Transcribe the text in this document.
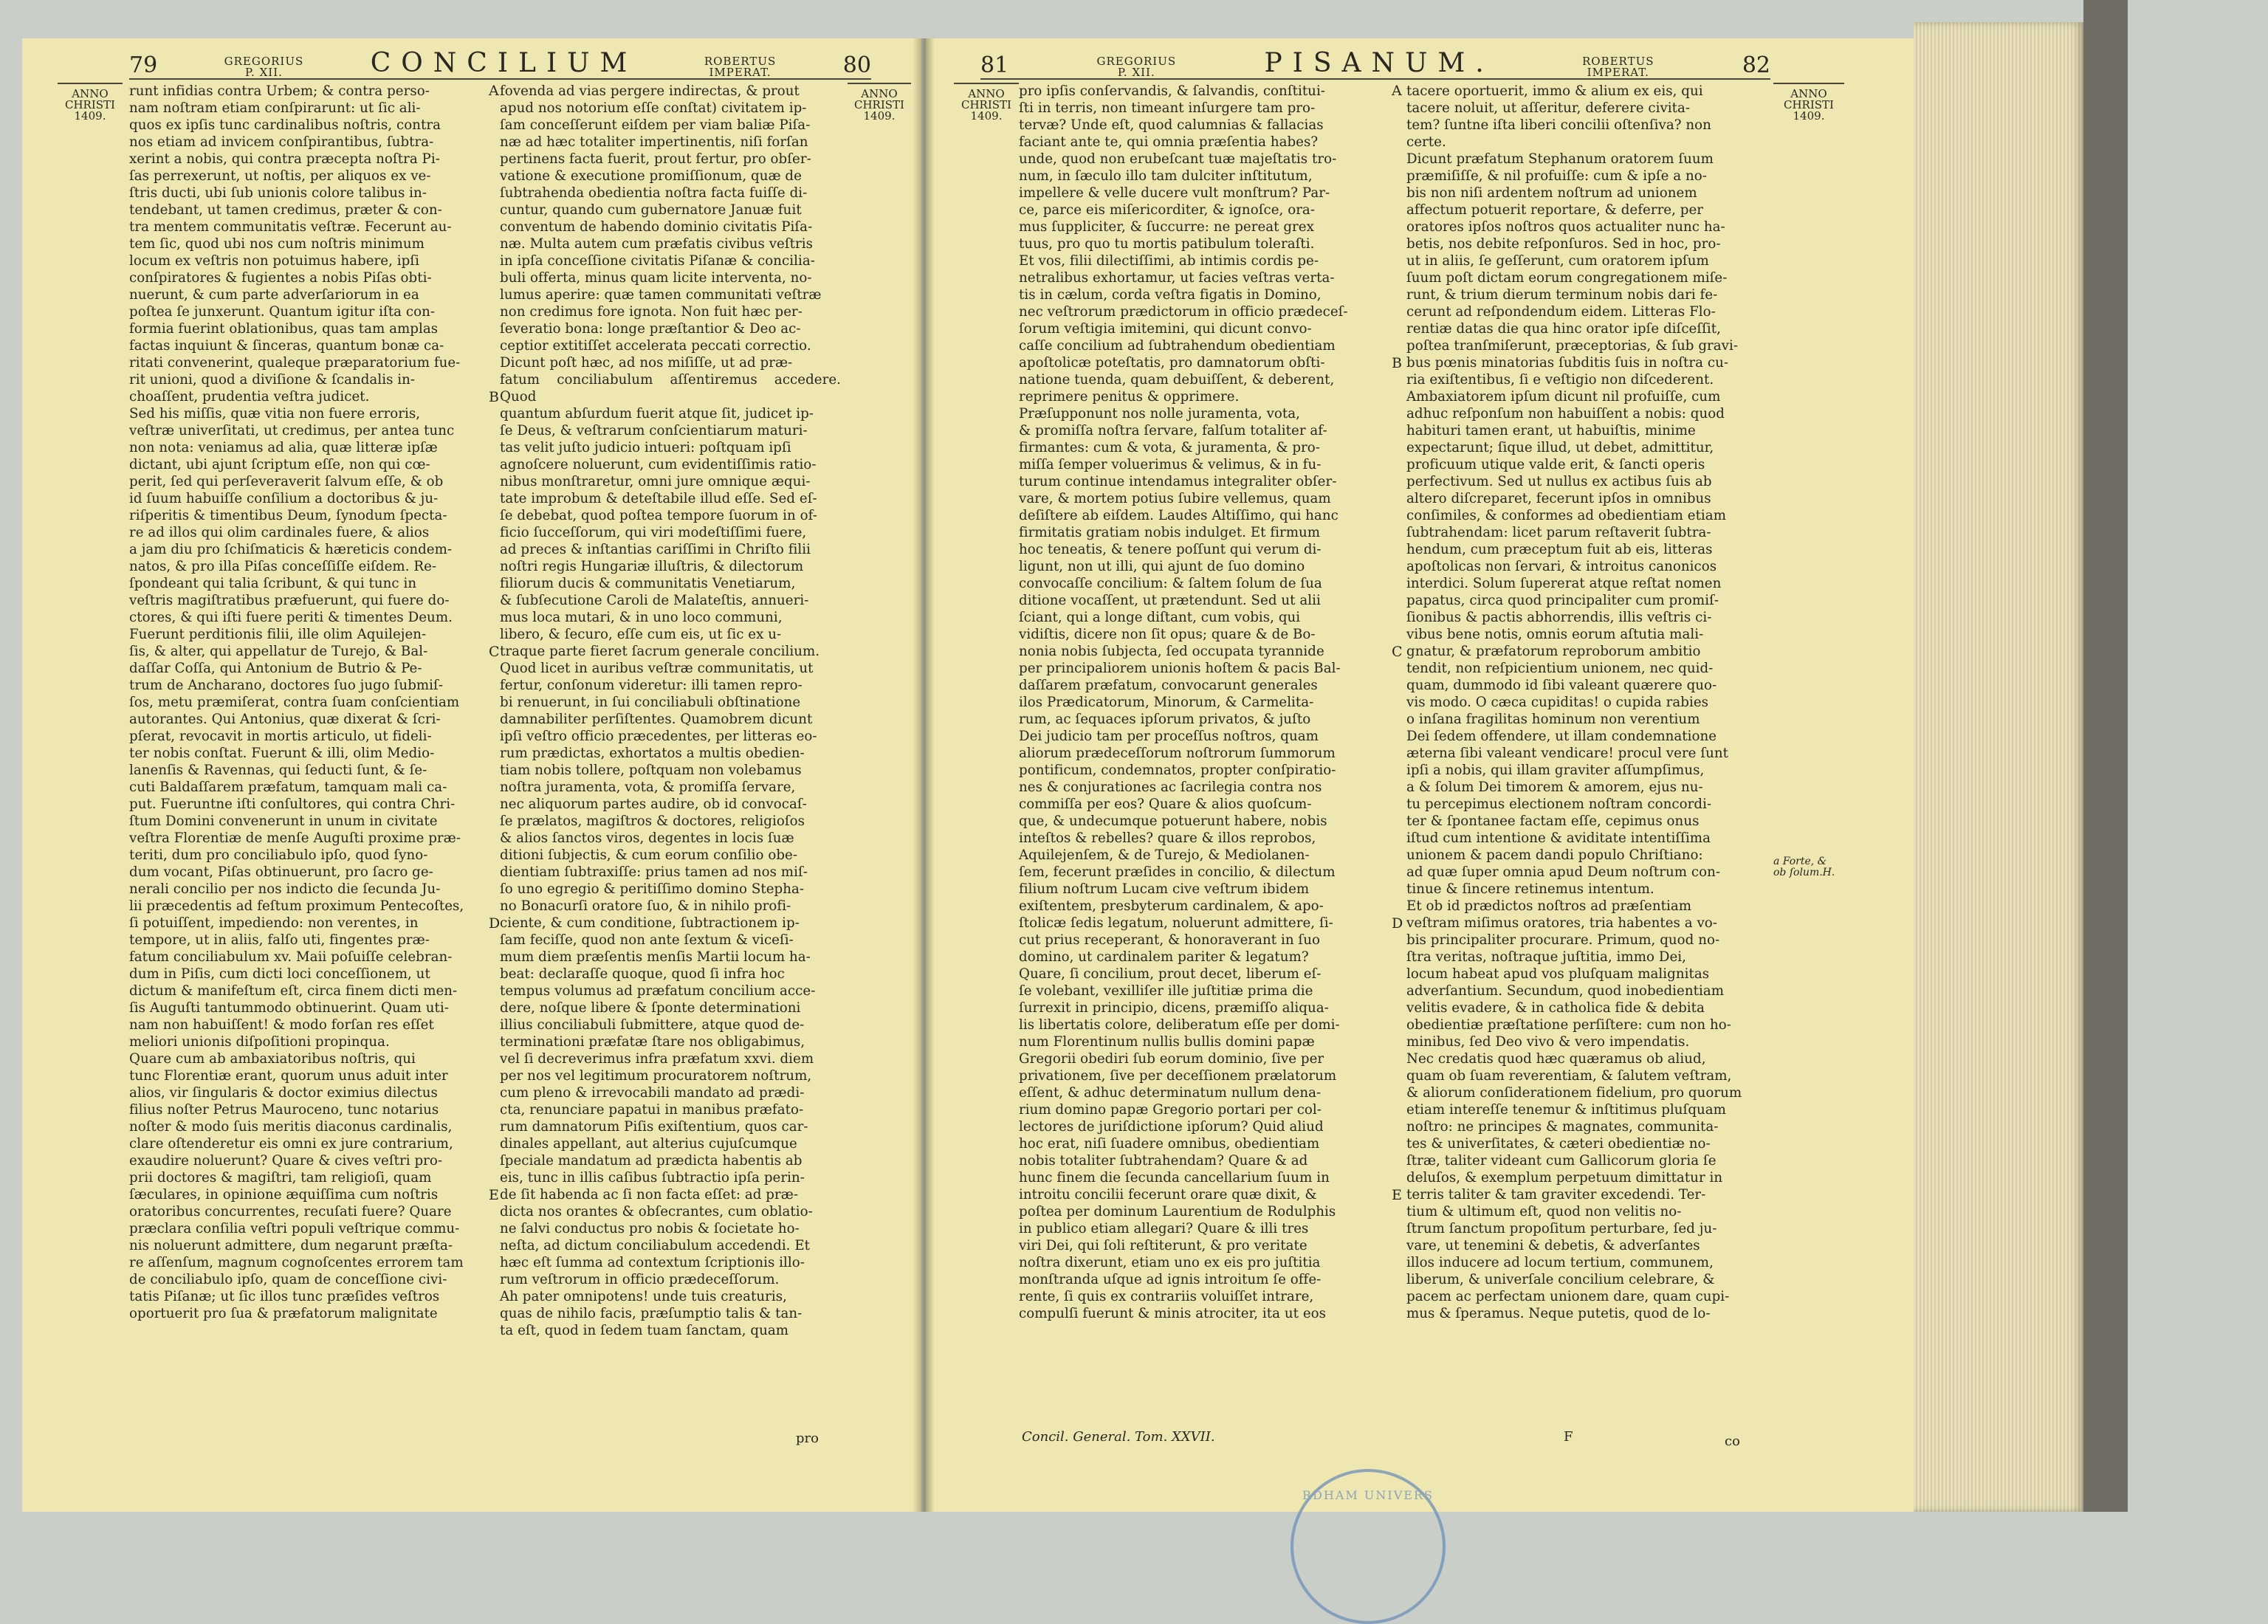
79	GREGORIUS
P. XII.	CONCILIUM	ROBERTUS
IMPERAT.	80
ANNO
CHRISTI
1409.
ANNO
CHRISTI
1409.
runt infidias contra Urbem; & contra perso-
nam noſtram etiam conſpirarunt: ut ſic ali-
quos ex ipſis tunc cardinalibus noſtris, contra
nos etiam ad invicem conſpirantibus, ſubtra-
xerint a nobis, qui contra præcepta noſtra Pi-
ſas perrexerunt, ut noſtis, per aliquos ex ve-
ſtris ducti, ubi ſub unionis colore talibus in-
tendebant, ut tamen credimus, præter & con-
tra mentem communitatis veſtræ. Fecerunt au-
tem ſic, quod ubi nos cum noſtris minimum
locum ex veſtris non potuimus habere, ipſi
conſpiratores & fugientes a nobis Piſas obti-
nuerunt, & cum parte adverſariorum in ea
poſtea ſe junxerunt. Quantum igitur iſta con-
formia fuerint oblationibus, quas tam amplas
factas inquiunt & ſinceras, quantum bonæ ca-
ritati convenerint, qualeque præparatorium fue-
rit unioni, quod a diviſione & ſcandalis in-
choaſſent, prudentia veſtra judicet.
Sed his miſſis, quæ vitia non fuere erroris,
veſtræ univerſitati, ut credimus, per antea tunc
non nota: veniamus ad alia, quæ litteræ ipſæ
dictant, ubi ajunt ſcriptum eſſe, non qui cœ-
perit, ſed qui perſeveraverit ſalvum eſſe, & ob
id ſuum habuiſſe conſilium a doctoribus & ju-
riſperitis & timentibus Deum, ſynodum ſpecta-
re ad illos qui olim cardinales fuere, & alios
a jam diu pro ſchiſmaticis & hæreticis condem-
natos, & pro illa Piſas conceſſiſſe eiſdem. Re-
ſpondeant qui talia ſcribunt, & qui tunc in
veſtris magiſtratibus præfuerunt, qui fuere do-
ctores, & qui iſti fuere periti & timentes Deum.
Fuerunt perditionis filii, ille olim Aquilejen-
ſis, & alter, qui appellatur de Turejo, & Bal-
daſſar Coſſa, qui Antonium de Butrio & Pe-
trum de Ancharano, doctores ſuo jugo ſubmiſ-
ſos, metu præmiſerat, contra ſuam conſcientiam
autorantes. Qui Antonius, quæ dixerat & ſcri-
pſerat, revocavit in mortis articulo, ut fideli-
ter nobis conſtat. Fuerunt & illi, olim Medio-
lanenſis & Ravennas, qui ſeducti ſunt, & ſe-
cuti Baldaſſarem præfatum, tamquam mali ca-
put. Fueruntne iſti conſultores, qui contra Chri-
ſtum Domini convenerunt in unum in civitate
veſtra Florentiæ de menſe Auguſti proxime præ-
teriti, dum pro conciliabulo ipſo, quod ſyno-
dum vocant, Piſas obtinuerunt, pro ſacro ge-
nerali concilio per nos indicto die ſecunda Ju-
lii præcedentis ad feſtum proximum Pentecoſtes,
ſi potuiſſent, impediendo: non verentes, in
tempore, ut in aliis, falſo uti, fingentes præ-
fatum conciliabulum xv. Maii poſuiſſe celebran-
dum in Piſis, cum dicti loci conceſſionem, ut
dictum & manifeſtum eſt, circa finem dicti men-
ſis Auguſti tantummodo obtinuerint. Quam uti-
nam non habuiſſent! & modo forſan res eſſet
meliori unionis diſpoſitioni propinqua.
Quare cum ab ambaxiatoribus noſtris, qui
tunc Florentiæ erant, quorum unus aduit inter
alios, vir ſingularis & doctor eximius dilectus
filius noſter Petrus Mauroceno, tunc notarius
noſter & modo ſuis meritis diaconus cardinalis,
clare oſtenderetur eis omni ex jure contrarium,
exaudire noluerunt? Quare & cives veſtri pro-
prii doctores & magiſtri, tam religioſi, quam
ſæculares, in opinione æquiſſima cum noſtris
oratoribus concurrentes, recuſati fuere? Quare
præclara conſilia veſtri populi veſtrique commu-
nis noluerunt admittere, dum negarunt præſta-
re aſſenſum, magnum cognoſcentes errorem tam
de conciliabulo ipſo, quam de conceſſione civi-
tatis Piſanæ; ut ſic illos tunc præſides veſtros
oportuerit pro ſua & præfatorum malignitate
fovenda ad vias pergere indirectas, & prout
apud nos notorium eſſe conſtat) civitatem ip-
ſam conceſſerunt eiſdem per viam baliæ Piſa-
næ ad hæc totaliter impertinentis, niſi forſan
pertinens facta fuerit, prout fertur, pro obſer-
vatione & executione promiſſionum, quæ de
ſubtrahenda obedientia noſtra facta fuiſſe di-
cuntur, quando cum gubernatore Januæ fuit
conventum de habendo dominio civitatis Piſa-
næ. Multa autem cum præfatis civibus veſtris
in ipſa conceſſione civitatis Piſanæ & concilia-
buli offerta, minus quam licite interventa, no-
lumus aperire: quæ tamen communitati veſtræ
non credimus fore ignota. Non fuit hæc per-
ſeveratio bona: longe præſtantior & Deo ac-
ceptior extitiſſet accelerata peccati correctio.
Dicunt poſt hæc, ad nos miſiſſe, ut ad præ-
fatum conciliabulum aſſentiremus accedere. Quod
quantum abſurdum fuerit atque ſit, judicet ip-
ſe Deus, & veſtrarum conſcientiarum maturi-
tas velit juſto judicio intueri: poſtquam ipſi
agnoſcere noluerunt, cum evidentiſſimis ratio-
nibus monſtraretur, omni jure omnique æqui-
tate improbum & deteſtabile illud eſſe. Sed eſ-
ſe debebat, quod poſtea tempore ſuorum in of-
ficio ſucceſſorum, qui viri modeſtiſſimi fuere,
ad preces & inſtantias cariſſimi in Chriſto filii
noſtri regis Hungariæ illuſtris, & dilectorum
filiorum ducis & communitatis Venetiarum,
& ſubſecutione Caroli de Malateſtis, annueri-
mus loca mutari, & in uno loco communi,
libero, & ſecuro, eſſe cum eis, ut ſic ex u-
traque parte fieret ſacrum generale concilium.
Quod licet in auribus veſtræ communitatis, ut
fertur, conſonum videretur: illi tamen repro-
bi renuerunt, in ſui conciliabuli obſtinatione
damnabiliter perſiſtentes. Quamobrem dicunt
ipſi veſtro officio præcedentes, per litteras eo-
rum prædictas, exhortatos a multis obedien-
tiam nobis tollere, poſtquam non volebamus
noſtra juramenta, vota, & promiſſa ſervare,
nec aliquorum partes audire, ob id convocaſ-
ſe prælatos, magiſtros & doctores, religioſos
& alios ſanctos viros, degentes in locis ſuæ
ditioni ſubjectis, & cum eorum conſilio obe-
dientiam ſubtraxiſſe: prius tamen ad nos miſ-
ſo uno egregio & peritiſſimo domino Stepha-
no Bonacurſi oratore ſuo, & in nihilo profi-
ciente, & cum conditione, ſubtractionem ip-
ſam feciſſe, quod non ante ſextum & viceſi-
mum diem præſentis menſis Martii locum ha-
beat: declaraſſe quoque, quod ſi infra hoc
tempus volumus ad præfatum concilium acce-
dere, noſque libere & ſponte determinationi
illius conciliabuli ſubmittere, atque quod de-
terminationi præfatæ ſtare nos obligabimus,
vel ſi decreverimus infra præfatum xxvi. diem
per nos vel legitimum procuratorem noſtrum,
cum pleno & irrevocabili mandato ad prædi-
cta, renunciare papatui in manibus præfato-
rum damnatorum Piſis exiſtentium, quos car-
dinales appellant, aut alterius cujuſcumque
ſpeciale mandatum ad prædicta habentis ab
eis, tunc in illis caſibus ſubtractio ipſa perin-
de ſit habenda ac ſi non facta eſſet: ad præ-
dicta nos orantes & obſecrantes, cum oblatio-
ne ſalvi conductus pro nobis & ſocietate ho-
neſta, ad dictum conciliabulum accedendi. Et
hæc eſt ſumma ad contextum ſcriptionis illo-
rum veſtrorum in officio prædeceſſorum.
Ah pater omnipotens! unde tuis creaturis,
quas de nihilo facis, præſumptio talis & tan-
ta eſt, quod in ſedem tuam ſanctam, quam
A
B
C
D
E
pro
81	GREGORIUS
P. XII.	PISANUM.	ROBERTUS
IMPERAT.	82
ANNO
CHRISTI
1409.
ANNO
CHRISTI
1409.
pro ipſis conſervandis, & ſalvandis, conſtitui-
ſti in terris, non timeant inſurgere tam pro-
tervæ? Unde eſt, quod calumnias & fallacias
faciant ante te, qui omnia præſentia habes?
unde, quod non erubeſcant tuæ majeſtatis tro-
num, in ſæculo illo tam dulciter inſtitutum,
impellere & velle ducere vult monſtrum? Par-
ce, parce eis miſericorditer, & ignoſce, ora-
mus ſuppliciter, & ſuccurre: ne pereat grex
tuus, pro quo tu mortis patibulum toleraſti.
Et vos, filii dilectiſſimi, ab intimis cordis pe-
netralibus exhortamur, ut facies veſtras verta-
tis in cælum, corda veſtra figatis in Domino,
nec veſtrorum prædictorum in officio prædeceſ-
ſorum veſtigia imitemini, qui dicunt convo-
caſſe concilium ad ſubtrahendum obedientiam
apoſtolicæ poteſtatis, pro damnatorum obſti-
natione tuenda, quam debuiſſent, & deberent,
reprimere penitus & opprimere.
Præſupponunt nos nolle juramenta, vota,
& promiſſa noſtra ſervare, falſum totaliter af-
firmantes: cum & vota, & juramenta, & pro-
miſſa ſemper voluerimus & velimus, & in fu-
turum continue intendamus integraliter obſer-
vare, & mortem potius ſubire vellemus, quam
deſiſtere ab eiſdem. Laudes Altiſſimo, qui hanc
firmitatis gratiam nobis indulget. Et firmum
hoc teneatis, & tenere poſſunt qui verum di-
ligunt, non ut illi, qui ajunt de ſuo domino
convocaſſe concilium: & ſaltem ſolum de ſua
ditione vocaſſent, ut prætendunt. Sed ut alii
ſciant, qui a longe diſtant, cum vobis, qui
vidiſtis, dicere non ſit opus; quare & de Bo-
nonia nobis ſubjecta, ſed occupata tyrannide
per principaliorem unionis hoſtem & pacis Bal-
daſſarem præfatum, convocarunt generales
ilos Prædicatorum, Minorum, & Carmelita-
rum, ac ſequaces ipſorum privatos, & juſto
Dei judicio tam per proceſſus noſtros, quam
aliorum prædeceſſorum noſtrorum ſummorum
pontificum, condemnatos, propter conſpiratio-
nes & conjurationes ac ſacrilegia contra nos
commiſſa per eos? Quare & alios quoſcum-
que, & undecumque potuerunt habere, nobis
inteſtos & rebelles? quare & illos reprobos,
Aquilejenſem, & de Turejo, & Mediolanen-
ſem, fecerunt præſides in concilio, & dilectum
filium noſtrum Lucam cive veſtrum ibidem
exiſtentem, presbyterum cardinalem, & apo-
ſtolicæ ſedis legatum, noluerunt admittere, ſi-
cut prius receperant, & honoraverant in ſuo
domino, ut cardinalem pariter & legatum?
Quare, ſi concilium, prout decet, liberum eſ-
ſe volebant, vexilliſer ille juſtitiæ prima die
ſurrexit in principio, dicens, præmiſſo aliqua-
lis libertatis colore, deliberatum eſſe per domi-
num Florentinum nullis bullis domini papæ
Gregorii obediri ſub eorum dominio, ſive per
privationem, ſive per deceſſionem prælatorum
eſſent, & adhuc determinatum nullum dena-
rium domino papæ Gregorio portari per col-
lectores de juriſdictione ipſorum? Quid aliud
hoc erat, niſi ſuadere omnibus, obedientiam
nobis totaliter ſubtrahendam? Quare & ad
hunc finem die ſecunda cancellarium ſuum in
introitu concilii fecerunt orare quæ dixit, &
poſtea per dominum Laurentium de Rodulphis
in publico etiam allegari? Quare & illi tres
viri Dei, qui ſoli reſtiterunt, & pro veritate
noſtra dixerunt, etiam uno ex eis pro juſtitia
monſtranda uſque ad ignis introitum ſe offe-
rente, ſi quis ex contrariis voluiſſet intrare,
compulſi fuerunt & minis atrociter, ita ut eos
tacere oportuerit, immo & alium ex eis, qui
tacere noluit, ut aſſeritur, deferere civita-
tem? ſuntne iſta liberi concilii oſtenſiva? non
certe.
Dicunt præfatum Stephanum oratorem ſuum
præmiſiſſe, & nil profuiſſe: cum & ipſe a no-
bis non niſi ardentem noſtrum ad unionem
affectum potuerit reportare, & deferre, per
oratores ipſos noſtros quos actualiter nunc ha-
betis, nos debite reſponſuros. Sed in hoc, pro-
ut in aliis, ſe geſſerunt, cum oratorem ipſum
ſuum poſt dictam eorum congregationem miſe-
runt, & trium dierum terminum nobis dari fe-
cerunt ad reſpondendum eidem. Litteras Flo-
rentiæ datas die qua hinc orator ipſe diſceſſit,
poſtea tranſmiſerunt, præceptorias, & ſub gravi-
bus pœnis minatorias ſubditis ſuis in noſtra cu-
ria exiſtentibus, ſi e veſtigio non diſcederent.
Ambaxiatorem ipſum dicunt nil profuiſſe, cum
adhuc reſponſum non habuiſſent a nobis: quod
habituri tamen erant, ut habuiſtis, minime
expectarunt; ſique illud, ut debet, admittitur,
proficuum utique valde erit, & ſancti operis
perfectivum. Sed ut nullus ex actibus ſuis ab
altero diſcreparet, fecerunt ipſos in omnibus
conſimiles, & conformes ad obedientiam etiam
ſubtrahendam: licet parum reſtaverit ſubtra-
hendum, cum præceptum fuit ab eis, litteras
apoſtolicas non ſervari, & introitus canonicos
interdici. Solum ſupererat atque reſtat nomen
papatus, circa quod principaliter cum promiſ-
ſionibus & pactis abhorrendis, illis veſtris ci-
vibus bene notis, omnis eorum aſtutia mali-
gnatur, & præfatorum reproborum ambitio
tendit, non reſpicientium unionem, nec quid-
quam, dummodo id ſibi valeant quærere quo-
vis modo. O cæca cupiditas! o cupida rabies
o inſana fragilitas hominum non verentium
Dei ſedem offendere, ut illam condemnatione
æterna ſibi valeant vendicare! procul vere ſunt
ipſi a nobis, qui illam graviter aſſumpſimus,
a & ſolum Dei timorem & amorem, ejus nu-
tu percepimus electionem noſtram concordi-
ter & ſpontanee factam eſſe, cepimus onus
iſtud cum intentione & aviditate intentiſſima
unionem & pacem dandi populo Chriſtiano:
ad quæ ſuper omnia apud Deum noſtrum con-
tinue & ſincere retinemus intentum.
Et ob id prædictos noſtros ad præſentiam
veſtram miſimus oratores, tria habentes a vo-
bis principaliter procurare. Primum, quod no-
ſtra veritas, noſtraque juſtitia, immo Dei,
locum habeat apud vos pluſquam malignitas
adverſantium. Secundum, quod inobedientiam
velitis evadere, & in catholica fide & debita
obedientiæ præſtatione perſiſtere: cum non ho-
minibus, ſed Deo vivo & vero impendatis.
Nec credatis quod hæc quæramus ob aliud,
quam ob ſuam reverentiam, & ſalutem veſtram,
& aliorum conſiderationem fidelium, pro quorum
etiam intereſſe tenemur & inſtitimus pluſquam
noſtro: ne principes & magnates, communita-
tes & univerſitates, & cæteri obedientiæ no-
ſtræ, taliter videant cum Gallicorum gloria ſe
deluſos, & exemplum perpetuum dimittatur in
terris taliter & tam graviter excedendi. Ter-
tium & ultimum eſt, quod non velitis no-
ſtrum ſanctum propoſitum perturbare, ſed ju-
vare, ut tenemini & debetis, & adverſantes
illos inducere ad locum tertium, communem,
liberum, & univerſale concilium celebrare, &
pacem ac perfectam unionem dare, quam cupi-
mus & ſperamus. Neque putetis, quod de lo-
A
B
C
D
E
a Forte, &
ob ſolum.H.
Concil. General. Tom. XXVII.	F	co
RDHAM UNIVERS
